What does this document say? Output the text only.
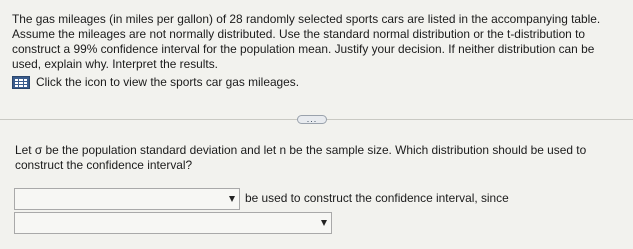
The gas mileages (in miles per gallon) of 28 randomly selected sports cars are listed in the accompanying table. Assume the mileages are not normally distributed. Use the standard normal distribution or the t-distribution to construct a 99% confidence interval for the population mean. Justify your decision. If neither distribution can be used, explain why. Interpret the results.

Click the icon to view the sports car gas mileages.
...

Let σ be the population standard deviation and let n be the sample size. Which distribution should be used to construct the confidence interval?

be used to construct the confidence interval, since
